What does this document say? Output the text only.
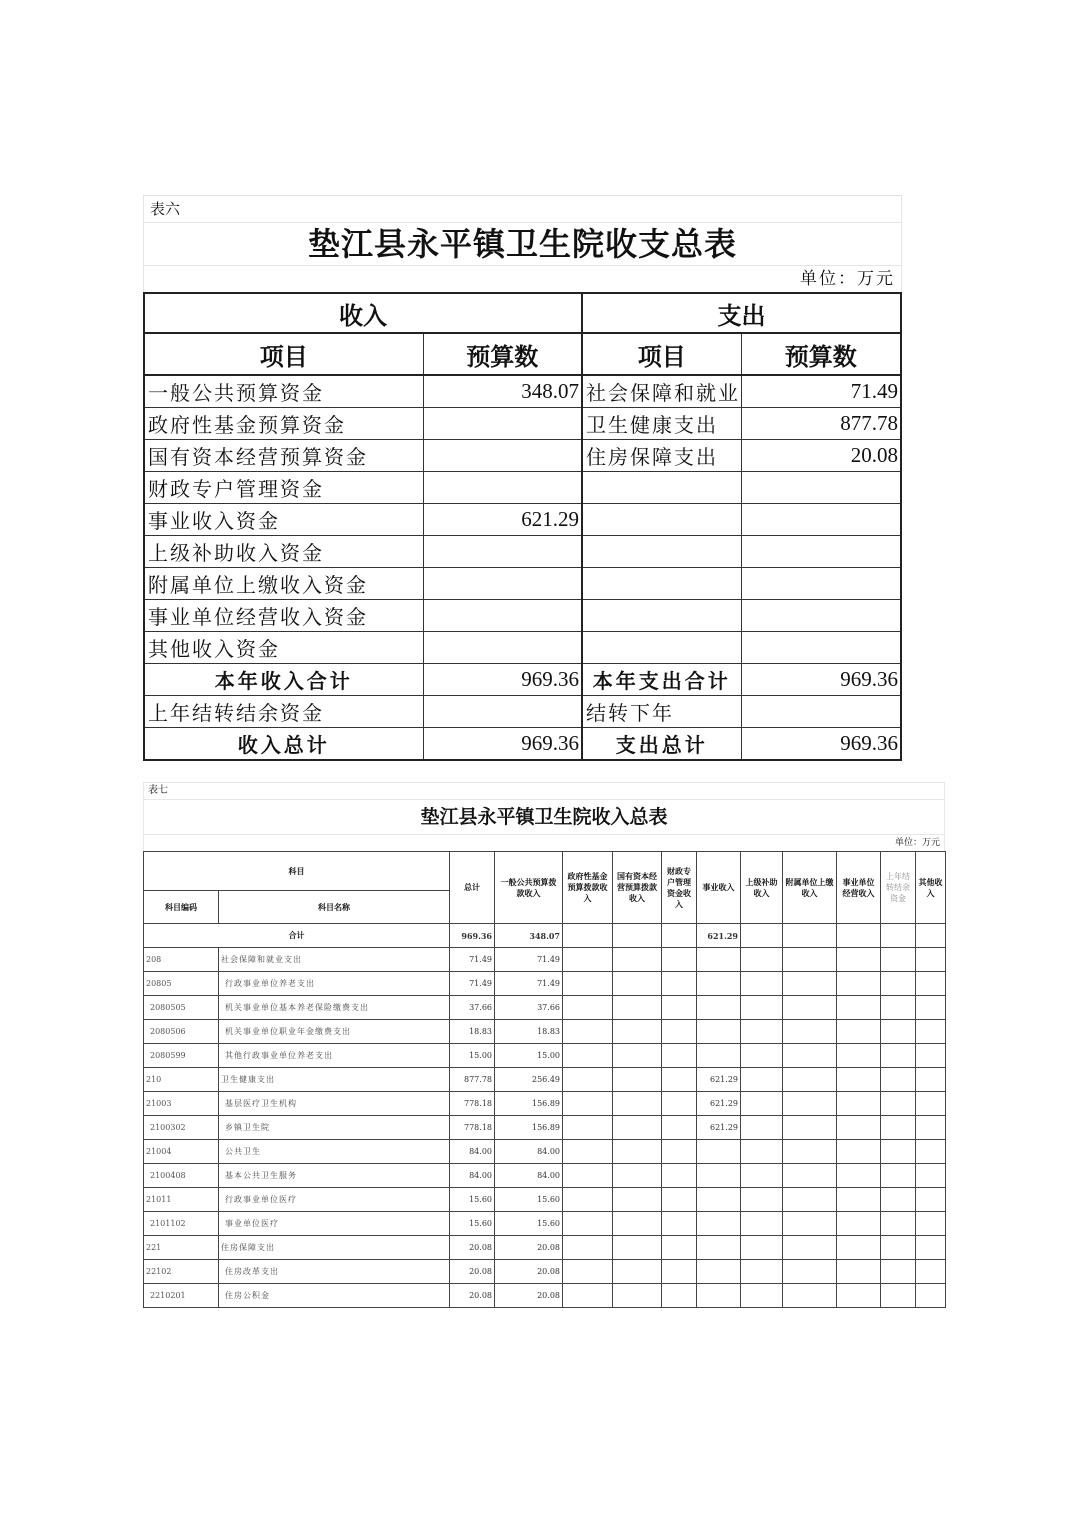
表六
垫江县永平镇卫生院收支总表
单位：万元
收入		支出	
项目	预算数	项目	预算数
一般公共预算资金	348.07	社会保障和就业	71.49
政府性基金预算资金		卫生健康支出	877.78
国有资本经营预算资金		住房保障支出	20.08
财政专户管理资金			
事业收入资金	621.29		
上级补助收入资金			
附属单位上缴收入资金			
事业单位经营收入资金			
其他收入资金			
本年收入合计	969.36	本年支出合计	969.36
上年结转结余资金		结转下年	
收入总计	969.36	支出总计	969.36
表七
垫江县永平镇卫生院收入总表
单位：万元
科目		总计	一般公共预算拨款收入	政府性基金预算拨款收入	国有资本经营预算拨款收入	财政专户管理资金收入	事业收入	上级补助收入	附属单位上缴收入	事业单位经营收入	上年结转结余资金	其他收入
科目编码	科目名称											
合计		969.36	348.07				621.29					
208	社会保障和就业支出	71.49	71.49									
20805	行政事业单位养老支出	71.49	71.49									
2080505	机关事业单位基本养老保险缴费支出	37.66	37.66									
2080506	机关事业单位职业年金缴费支出	18.83	18.83									
2080599	其他行政事业单位养老支出	15.00	15.00									
210	卫生健康支出	877.78	256.49				621.29					
21003	基层医疗卫生机构	778.18	156.89				621.29					
2100302	乡镇卫生院	778.18	156.89				621.29					
21004	公共卫生	84.00	84.00									
2100408	基本公共卫生服务	84.00	84.00									
21011	行政事业单位医疗	15.60	15.60									
2101102	事业单位医疗	15.60	15.60									
221	住房保障支出	20.08	20.08									
22102	住房改革支出	20.08	20.08									
2210201	住房公积金	20.08	20.08									
